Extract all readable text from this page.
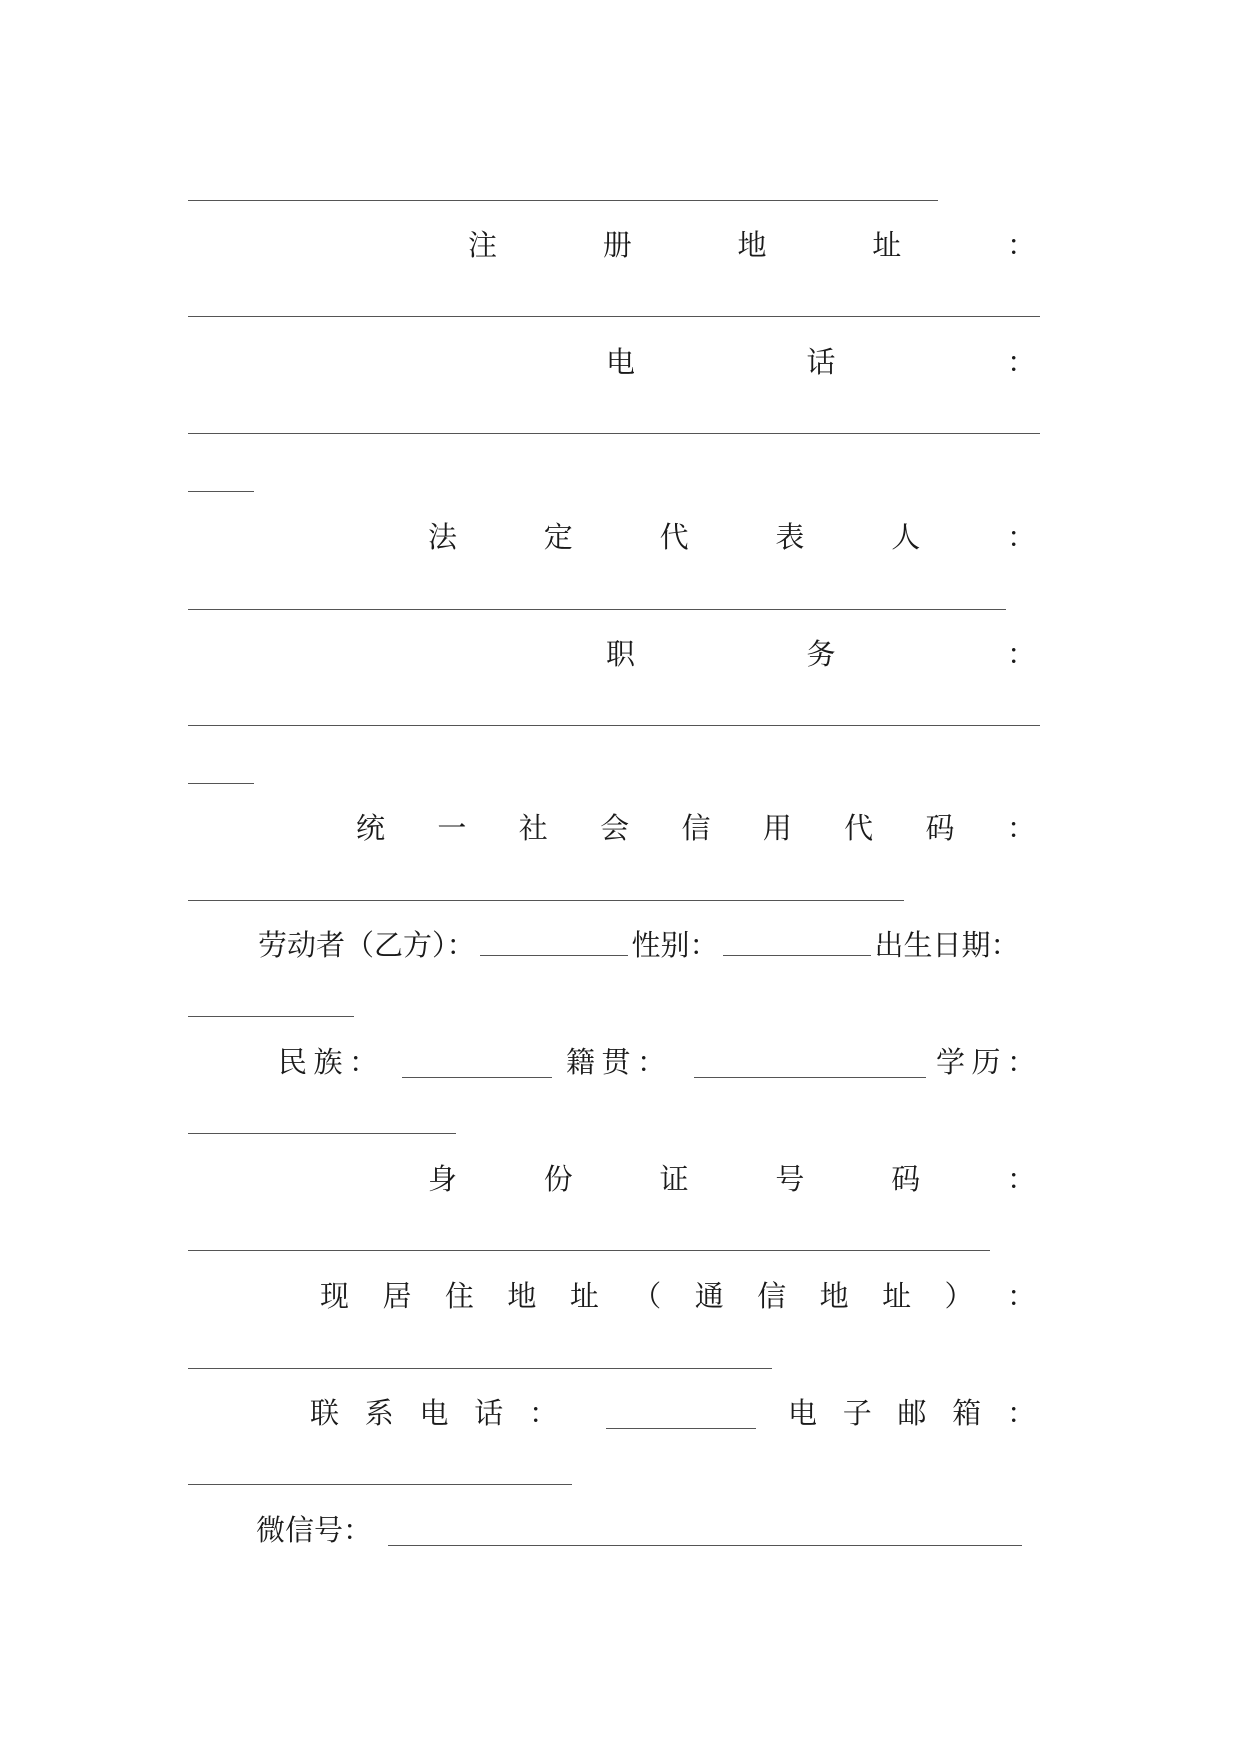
注	册	地	址	：
电	话	：
法	定	代	表	人	：
职	务	：
统 一 社 会 信 用 代 码 ：
劳动者（乙方）：	性别：	出生日期：
民 族 ：	籍 贯 ：	学 历 ：
身	份	证	号	码	：
现 居 住 地 址 （ 通 信 地 址 ） ：
联 系 电 话 ：	电 子 邮 箱 ：
微信号：
